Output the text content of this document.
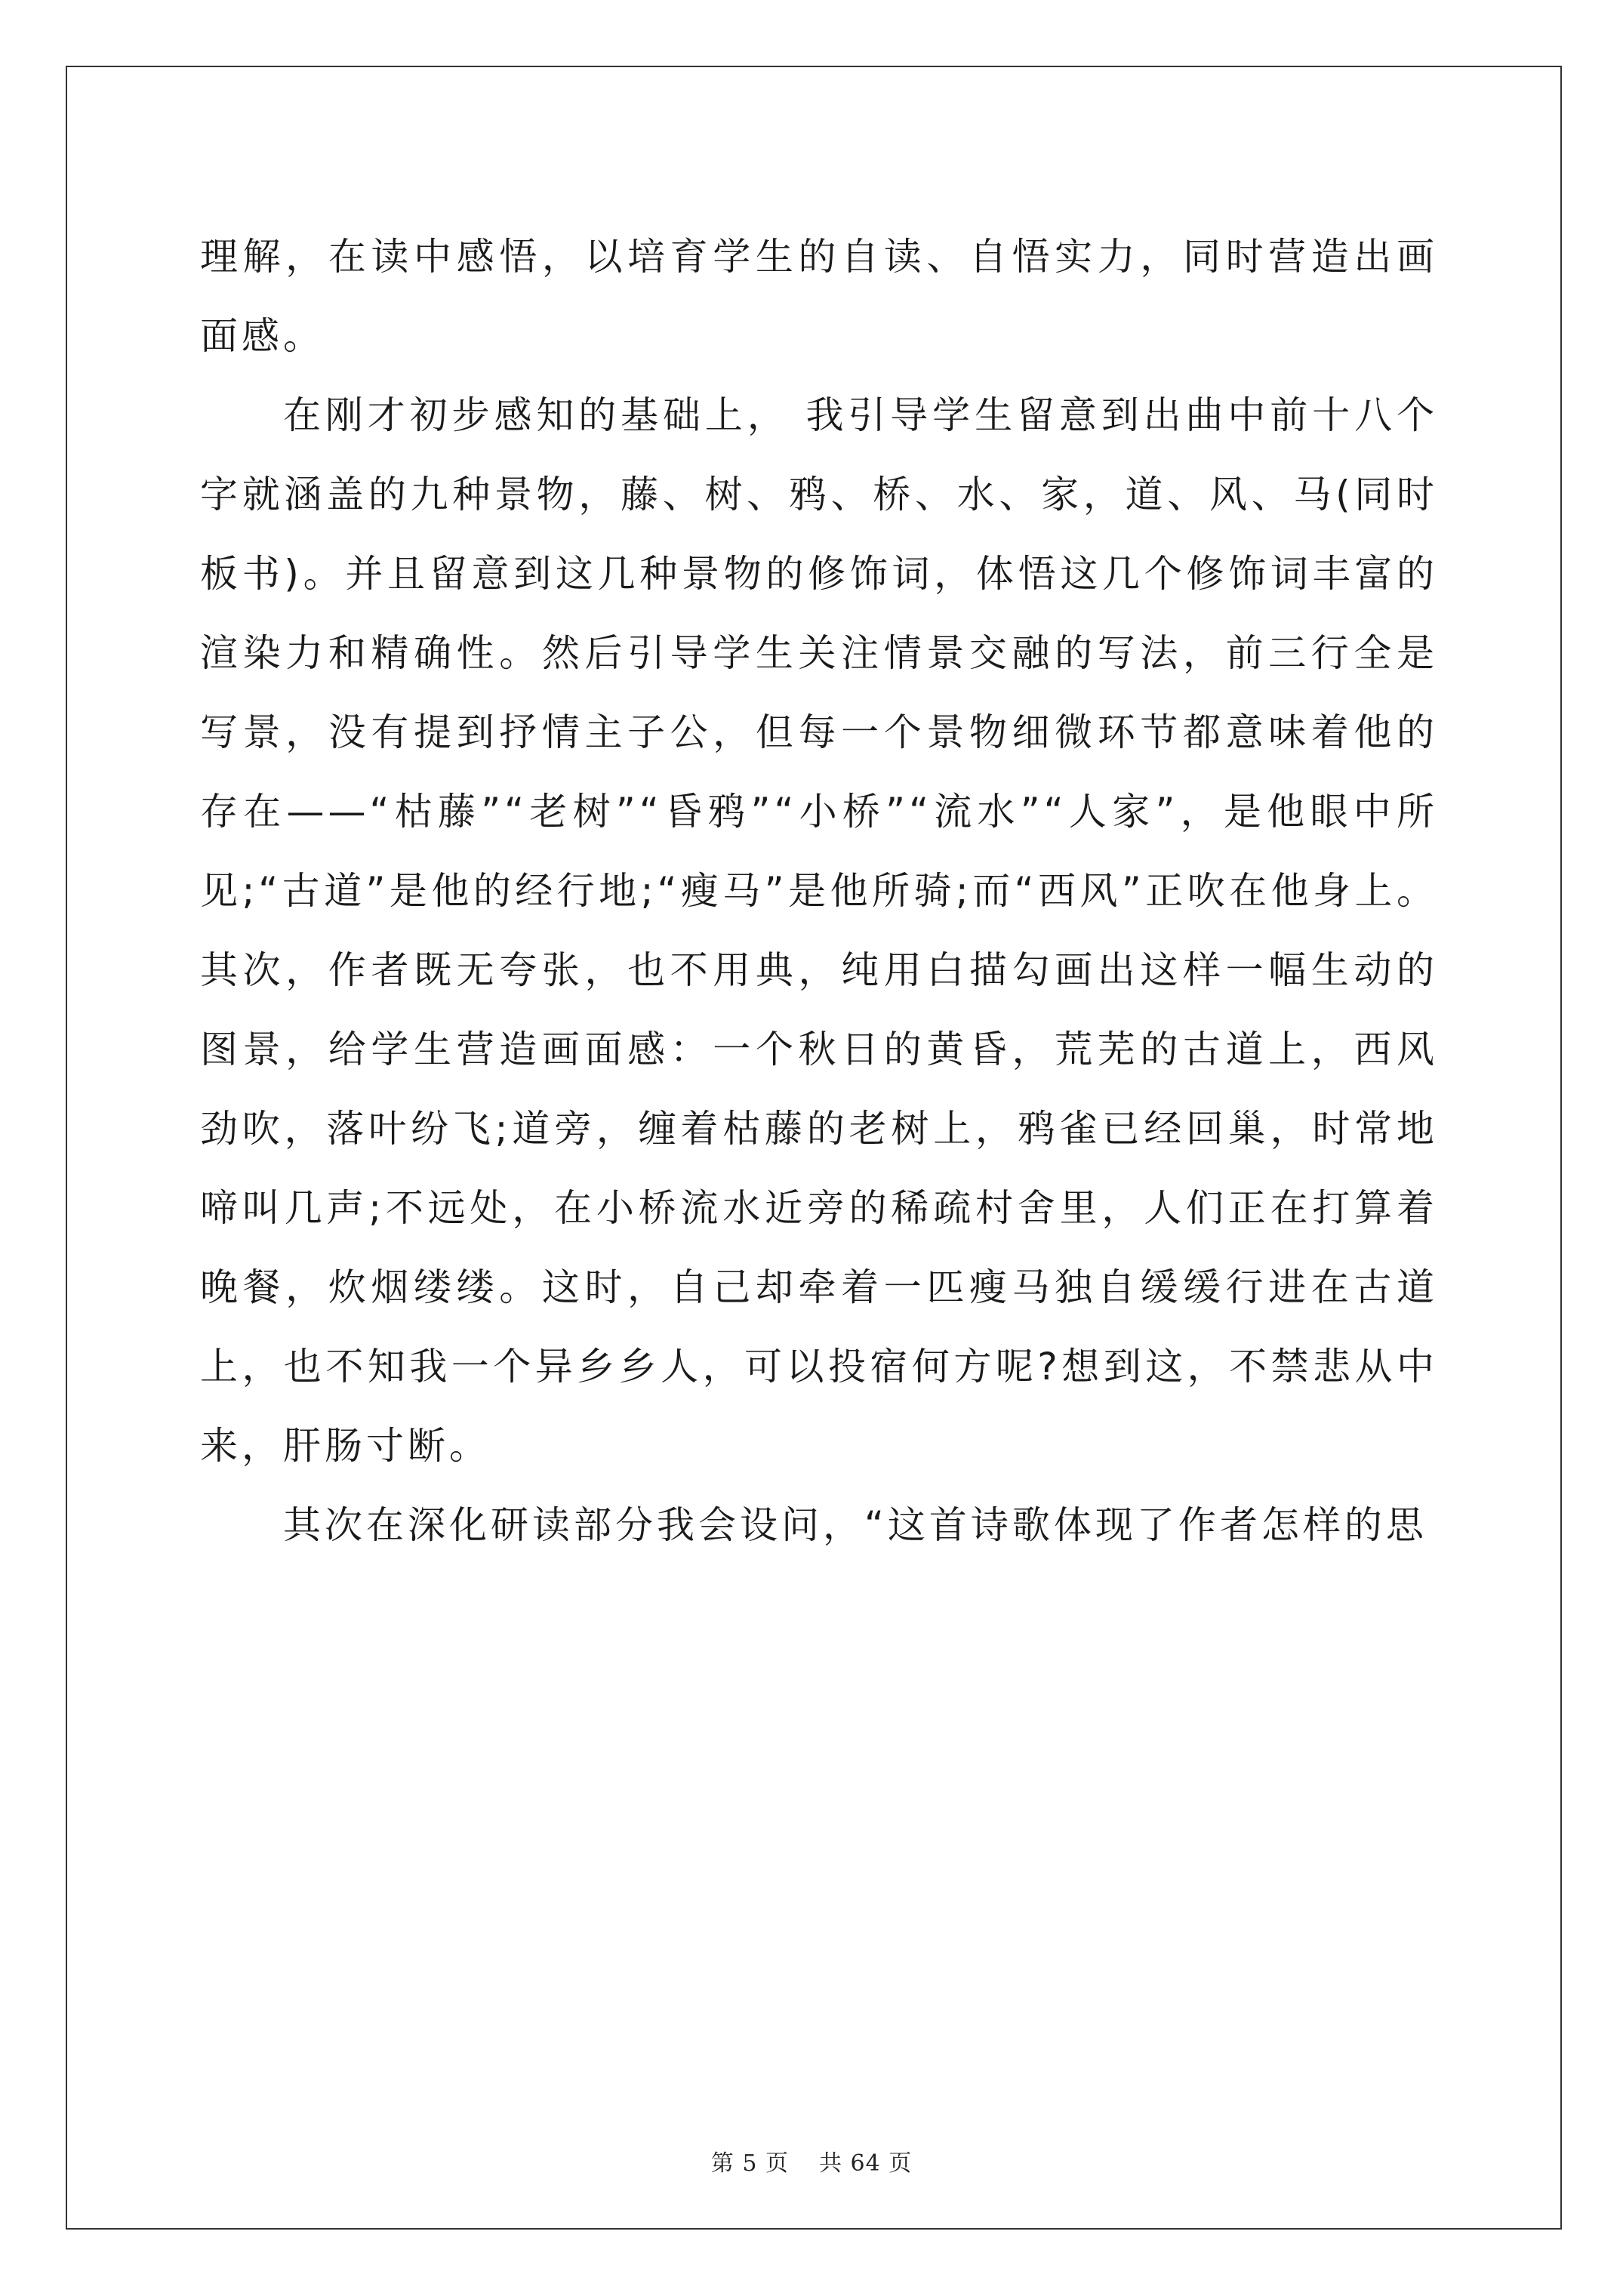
理解，在读中感悟，以培育学生的自读、自悟实力，同时营造出画面感。

在刚才初步感知的基础上， 我引导学生留意到出曲中前十八个字就涵盖的九种景物，藤、树、鸦、桥、水、家，道、风、马(同时板书)。并且留意到这几种景物的修饰词，体悟这几个修饰词丰富的渲染力和精确性。然后引导学生关注情景交融的写法，前三行全是写景，没有提到抒情主子公，但每一个景物细微环节都意味着他的存在——“枯藤”“老树”“昏鸦”“小桥”“流水”“人家”，是他眼中所见;“古道”是他的经行地;“瘦马”是他所骑;而“西风”正吹在他身上。其次，作者既无夸张，也不用典，纯用白描勾画出这样一幅生动的图景，给学生营造画面感：一个秋日的黄昏，荒芜的古道上，西风劲吹，落叶纷飞;道旁，缠着枯藤的老树上，鸦雀已经回巢，时常地啼叫几声;不远处，在小桥流水近旁的稀疏村舍里，人们正在打算着晚餐，炊烟缕缕。这时，自己却牵着一匹瘦马独自缓缓行进在古道上，也不知我一个异乡乡人，可以投宿何方呢?想到这，不禁悲从中来，肝肠寸断。

其次在深化研读部分我会设问，“这首诗歌体现了作者怎样的思

第 5 页 共 64 页
